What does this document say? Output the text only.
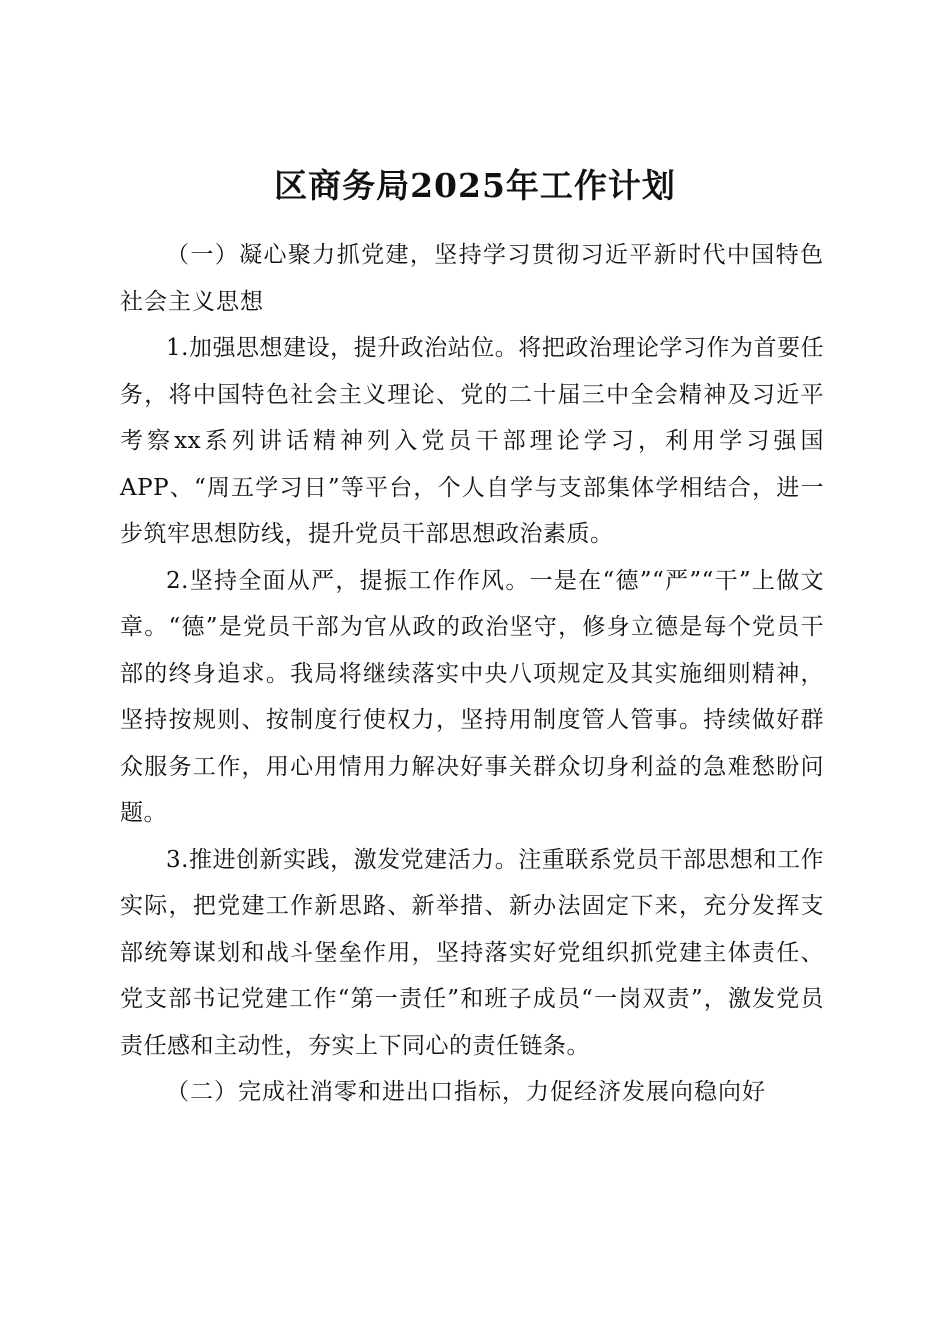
区商务局2025年工作计划

（一）凝心聚力抓党建，坚持学习贯彻习近平新时代中国特色社会主义思想

1.加强思想建设，提升政治站位。将把政治理论学习作为首要任务，将中国特色社会主义理论、党的二十届三中全会精神及习近平考察xx系列讲话精神列入党员干部理论学习，利用学习强国APP、“周五学习日”等平台，个人自学与支部集体学相结合，进一步筑牢思想防线，提升党员干部思想政治素质。

2.坚持全面从严，提振工作作风。一是在“德”“严”“干”上做文章。“德”是党员干部为官从政的政治坚守，修身立德是每个党员干部的终身追求。我局将继续落实中央八项规定及其实施细则精神，坚持按规则、按制度行使权力，坚持用制度管人管事。持续做好群众服务工作，用心用情用力解决好事关群众切身利益的急难愁盼问题。

3.推进创新实践，激发党建活力。注重联系党员干部思想和工作实际，把党建工作新思路、新举措、新办法固定下来，充分发挥支部统筹谋划和战斗堡垒作用，坚持落实好党组织抓党建主体责任、党支部书记党建工作“第一责任”和班子成员“一岗双责”，激发党员责任感和主动性，夯实上下同心的责任链条。

（二）完成社消零和进出口指标，力促经济发展向稳向好
